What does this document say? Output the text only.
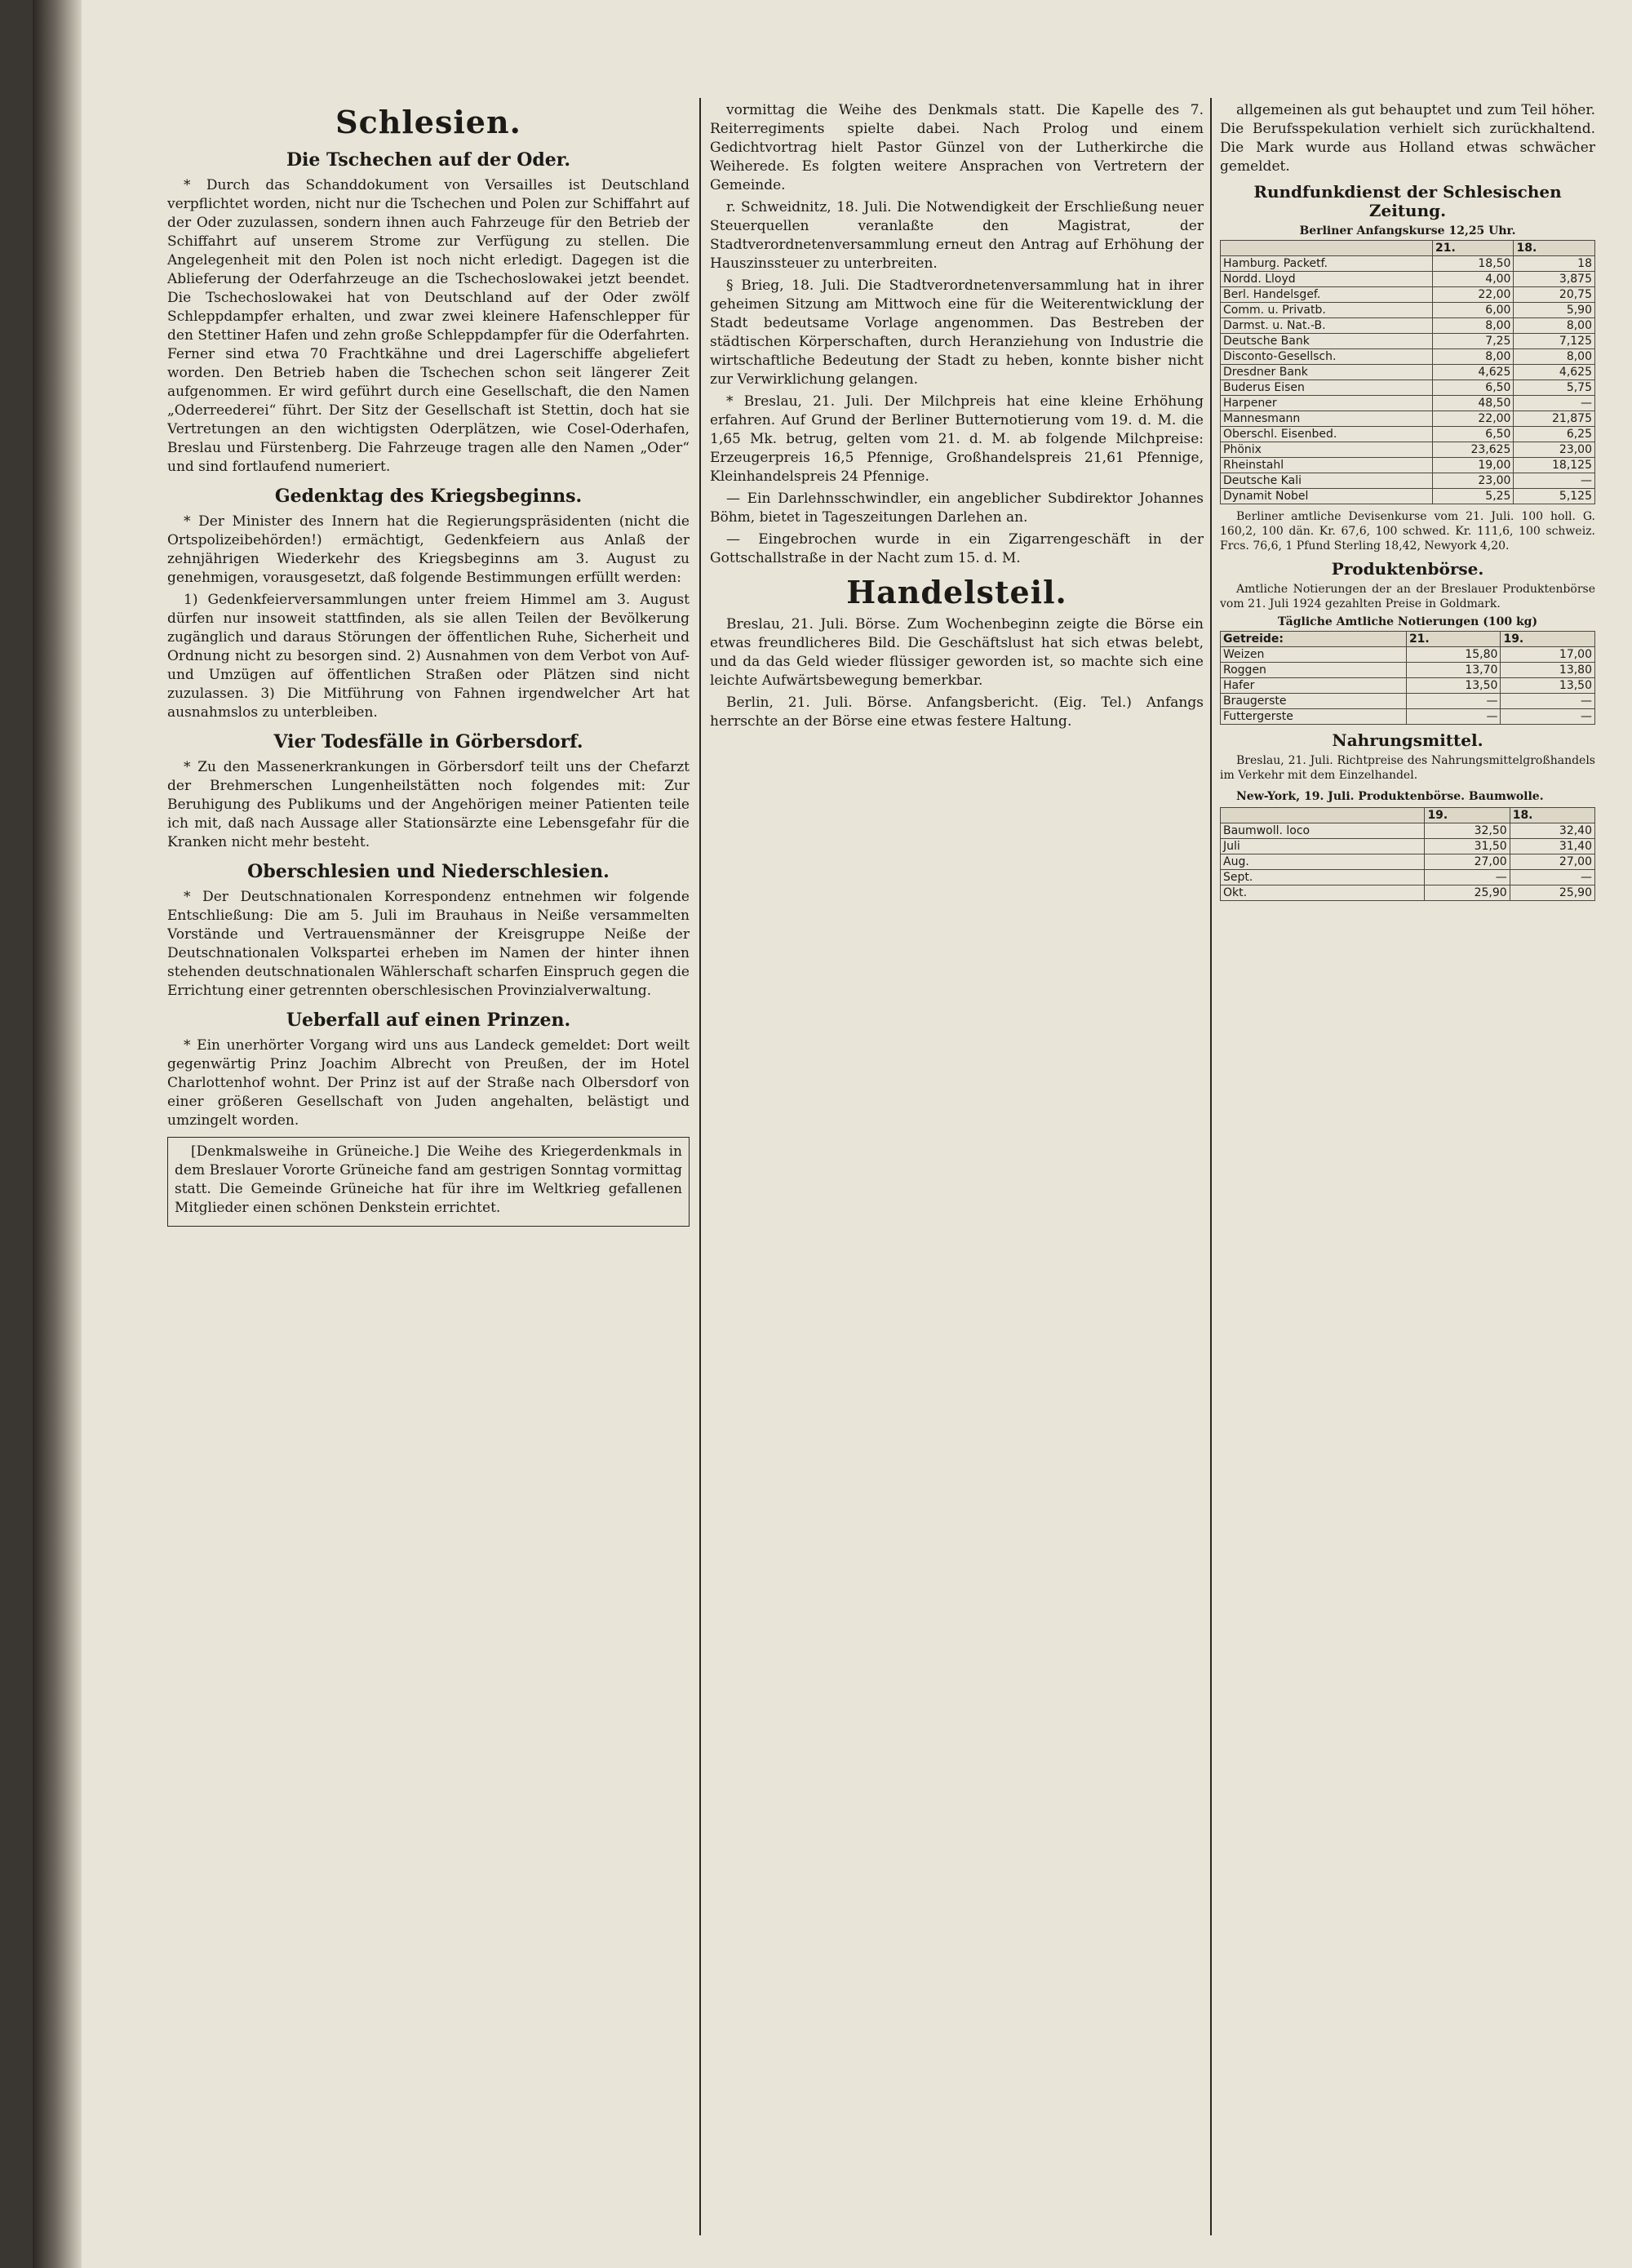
Schlesien.
Die Tschechen auf der Oder.

* Durch das Schanddokument von Versailles ist Deutschland verpflichtet worden, nicht nur die Tschechen und Polen zur Schiffahrt auf der Oder zuzulassen, sondern ihnen auch Fahrzeuge für den Betrieb der Schiffahrt auf unserem Strome zur Verfügung zu stellen. Die Angelegenheit mit den Polen ist noch nicht erledigt. Dagegen ist die Ablieferung der Oderfahrzeuge an die Tschechoslowakei jetzt beendet. Die Tschechoslowakei hat von Deutschland auf der Oder zwölf Schleppdampfer erhalten, und zwar zwei kleinere Hafenschlepper für den Stettiner Hafen und zehn große Schleppdampfer für die Oderfahrten. Ferner sind etwa 70 Frachtkähne und drei Lagerschiffe abgeliefert worden. Den Betrieb haben die Tschechen schon seit längerer Zeit aufgenommen. Er wird geführt durch eine Gesellschaft, die den Namen „Oderreederei“ führt. Der Sitz der Gesellschaft ist Stettin, doch hat sie Vertretungen an den wichtigsten Oderplätzen, wie Cosel-Oderhafen, Breslau und Fürstenberg. Die Fahrzeuge tragen alle den Namen „Oder“ und sind fortlaufend numeriert.

Gedenktag des Kriegsbeginns.

* Der Minister des Innern hat die Regierungspräsidenten (nicht die Ortspolizeibehörden!) ermächtigt, Gedenkfeiern aus Anlaß der zehnjährigen Wiederkehr des Kriegsbeginns am 3. August zu genehmigen, vorausgesetzt, daß folgende Bestimmungen erfüllt werden:

1) Gedenkfeierversammlungen unter freiem Himmel am 3. August dürfen nur insoweit stattfinden, als sie allen Teilen der Bevölkerung zugänglich und daraus Störungen der öffentlichen Ruhe, Sicherheit und Ordnung nicht zu besorgen sind. 2) Ausnahmen von dem Verbot von Auf- und Umzügen auf öffentlichen Straßen oder Plätzen sind nicht zuzulassen. 3) Die Mitführung von Fahnen irgendwelcher Art hat ausnahmslos zu unterbleiben.

Vier Todesfälle in Görbersdorf.

* Zu den Massenerkrankungen in Görbersdorf teilt uns der Chefarzt der Brehmerschen Lungenheilstätten noch folgendes mit: Zur Beruhigung des Publikums und der Angehörigen meiner Patienten teile ich mit, daß nach Aussage aller Stationsärzte eine Lebensgefahr für die Kranken nicht mehr besteht.

Oberschlesien und Niederschlesien.

* Der Deutschnationalen Korrespondenz entnehmen wir folgende Entschließung: Die am 5. Juli im Brauhaus in Neiße versammelten Vorstände und Vertrauensmänner der Kreisgruppe Neiße der Deutschnationalen Volkspartei erheben im Namen der hinter ihnen stehenden deutschnationalen Wählerschaft scharfen Einspruch gegen die Errichtung einer getrennten oberschlesischen Provinzialverwaltung.

Ueberfall auf einen Prinzen.

* Ein unerhörter Vorgang wird uns aus Landeck gemeldet: Dort weilt gegenwärtig Prinz Joachim Albrecht von Preußen, der im Hotel Charlottenhof wohnt. Der Prinz ist auf der Straße nach Olbersdorf von einer größeren Gesellschaft von Juden angehalten, belästigt und umzingelt worden.

[Denkmalsweihe in Grüneiche.] Die Weihe des Kriegerdenkmals in dem Breslauer Vororte Grüneiche fand am gestrigen Sonntag vormittag statt. Die Gemeinde Grüneiche hat für ihre im Weltkrieg gefallenen Mitglieder einen schönen Denkstein errichtet.

vormittag die Weihe des Denkmals statt. Die Kapelle des 7. Reiterregiments spielte dabei. Nach Prolog und einem Gedichtvortrag hielt Pastor Günzel von der Lutherkirche die Weiherede. Es folgten weitere Ansprachen von Vertretern der Gemeinde.

r. Schweidnitz, 18. Juli. Die Notwendigkeit der Erschließung neuer Steuerquellen veranlaßte den Magistrat, der Stadtverordnetenversammlung erneut den Antrag auf Erhöhung der Hauszinssteuer zu unterbreiten.

§ Brieg, 18. Juli. Die Stadtverordnetenversammlung hat in ihrer geheimen Sitzung am Mittwoch eine für die Weiterentwicklung der Stadt bedeutsame Vorlage angenommen. Das Bestreben der städtischen Körperschaften, durch Heranziehung von Industrie die wirtschaftliche Bedeutung der Stadt zu heben, konnte bisher nicht zur Verwirklichung gelangen.

* Breslau, 21. Juli. Der Milchpreis hat eine kleine Erhöhung erfahren. Auf Grund der Berliner Butternotierung vom 19. d. M. die 1,65 Mk. betrug, gelten vom 21. d. M. ab folgende Milchpreise: Erzeugerpreis 16,5 Pfennige, Großhandelspreis 21,61 Pfennige, Kleinhandelspreis 24 Pfennige.

— Ein Darlehnsschwindler, ein angeblicher Subdirektor Johannes Böhm, bietet in Tageszeitungen Darlehen an.

— Eingebrochen wurde in ein Zigarrengeschäft in der Gottschallstraße in der Nacht zum 15. d. M.

Handelsteil.

Breslau, 21. Juli. Börse. Zum Wochenbeginn zeigte die Börse ein etwas freundlicheres Bild. Die Geschäftslust hat sich etwas belebt, und da das Geld wieder flüssiger geworden ist, so machte sich eine leichte Aufwärtsbewegung bemerkbar.

Berlin, 21. Juli. Börse. Anfangsbericht. (Eig. Tel.) Anfangs herrschte an der Börse eine etwas festere Haltung.

allgemeinen als gut behauptet und zum Teil höher. Die Berufsspekulation verhielt sich zurückhaltend. Die Mark wurde aus Holland etwas schwächer gemeldet.

Rundfunkdienst der Schlesischen Zeitung.
Berliner Anfangskurse 12,25 Uhr.
	21.	18.
Hamburg. Packetf.	18,50	18
Nordd. Lloyd	4,00	3,875
Berl. Handelsgef.	22,00	20,75
Comm. u. Privatb.	6,00	5,90
Darmst. u. Nat.-B.	8,00	8,00
Deutsche Bank	7,25	7,125
Disconto-Gesellsch.	8,00	8,00
Dresdner Bank	4,625	4,625
Buderus Eisen	6,50	5,75
Harpener	48,50	—
Mannesmann	22,00	21,875
Oberschl. Eisenbed.	6,50	6,25
Phönix	23,625	23,00
Rheinstahl	19,00	18,125
Deutsche Kali	23,00	—
Dynamit Nobel	5,25	5,125

Berliner amtliche Devisenkurse vom 21. Juli. 100 holl. G. 160,2, 100 dän. Kr. 67,6, 100 schwed. Kr. 111,6, 100 schweiz. Frcs. 76,6, 1 Pfund Sterling 18,42, Newyork 4,20.

Produktenbörse.

Amtliche Notierungen der an der Breslauer Produktenbörse vom 21. Juli 1924 gezahlten Preise in Goldmark.

Tägliche Amtliche Notierungen (100 kg)
Getreide:	21.	19.
Weizen	15,80	17,00
Roggen	13,70	13,80
Hafer	13,50	13,50
Braugerste	—	—
Futtergerste	—	—
Nahrungsmittel.

Breslau, 21. Juli. Richtpreise des Nahrungsmittelgroßhandels im Verkehr mit dem Einzelhandel.

New-York, 19. Juli. Produktenbörse. Baumwolle.

	19.	18.
Baumwoll. loco	32,50	32,40
Juli	31,50	31,40
Aug.	27,00	27,00
Sept.	—	—
Okt.	25,90	25,90
